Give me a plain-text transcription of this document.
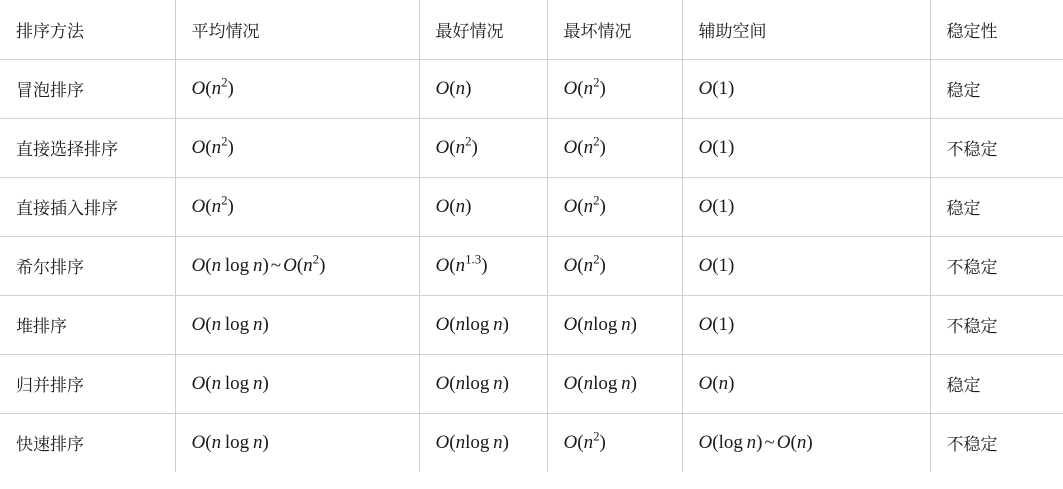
排序方法	平均情况	最好情况	最坏情况	辅助空间	稳定性
冒泡排序	$O(n^2)$	O(n)	$O(n^2)$	O(1)	稳定
直接选择排序	$O(n^2)$	$O(n^2)$	$O(n^2)$	O(1)	不稳定
直接插入排序	$O(n^2)$	O(n)	$O(n^2)$	O(1)	稳定
希尔排序	O(n  log  n) ~ $O(n^2)$	$O(n^{1.3})$	$O(n^2)$	O(1)	不稳定
堆排序	O(n  log  n)	O(nlog  n)	O(nlog  n)	O(1)	不稳定
归并排序	O(n  log  n)	O(nlog  n)	O(nlog  n)	O(n)	稳定
快速排序	O(n  log  n)	O(nlog  n)	$O(n^2)$	O(log  n) ~ O(n)	不稳定
